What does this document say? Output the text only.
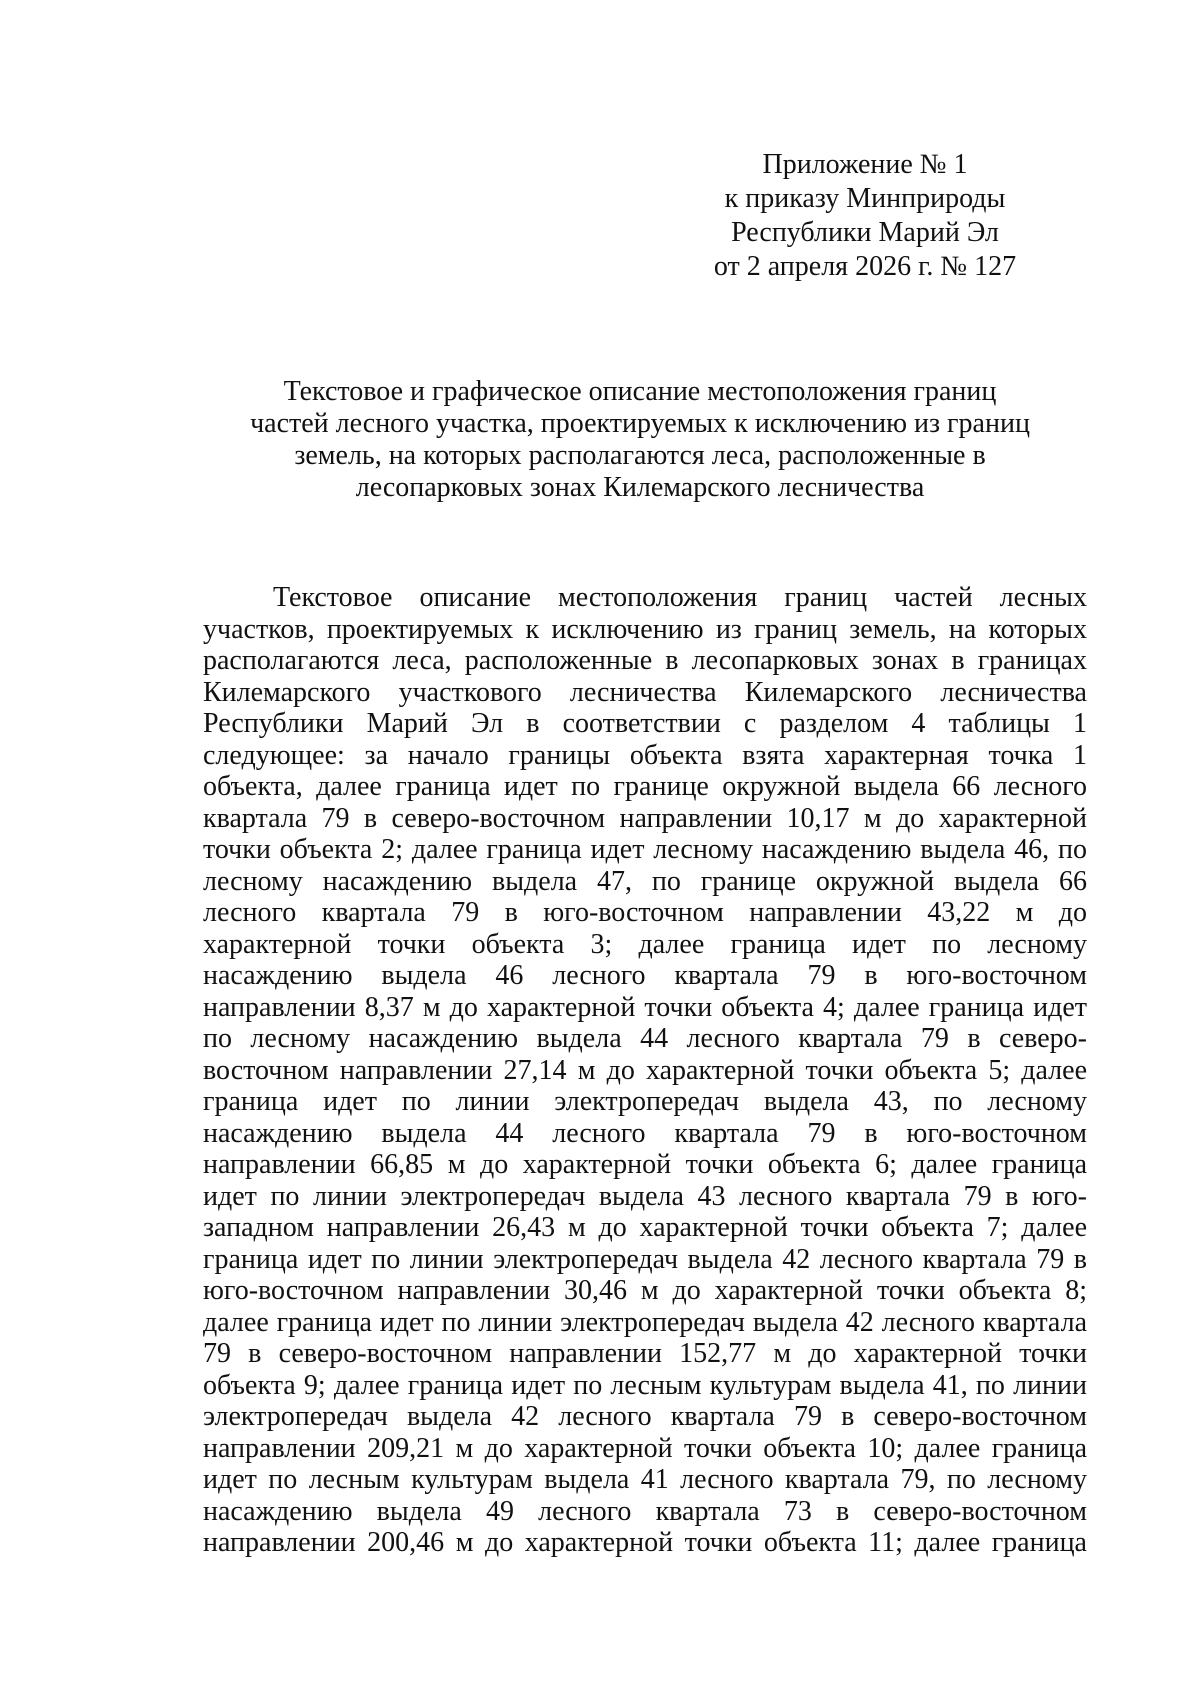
Приложение № 1
к приказу Минприроды
Республики Марий Эл
от 2 апреля 2026 г. № 127
Текстовое и графическое описание местоположения границ
частей лесного участка, проектируемых к исключению из границ
земель, на которых располагаются леса, расположенные в
лесопарковых зонах Килемарского лесничества
Текстовое описание местоположения границ частей лесных
участков, проектируемых к исключению из границ земель, на которых
располагаются леса, расположенные в лесопарковых зонах в границах
Килемарского участкового лесничества Килемарского лесничества
Республики Марий Эл в соответствии с разделом 4 таблицы 1
следующее: за начало границы объекта взята характерная точка 1
объекта, далее граница идет по границе окружной выдела 66 лесного
квартала 79 в северо-восточном направлении 10,17 м до характерной
точки объекта 2; далее граница идет лесному насаждению выдела 46, по
лесному насаждению выдела 47, по границе окружной выдела 66
лесного квартала 79 в юго-восточном направлении 43,22 м до
характерной точки объекта 3; далее граница идет по лесному
насаждению выдела 46 лесного квартала 79 в юго-восточном
направлении 8,37 м до характерной точки объекта 4; далее граница идет
по лесному насаждению выдела 44 лесного квартала 79 в северо-
восточном направлении 27,14 м до характерной точки объекта 5; далее
граница идет по линии электропередач выдела 43, по лесному
насаждению выдела 44 лесного квартала 79 в юго-восточном
направлении 66,85 м до характерной точки объекта 6; далее граница
идет по линии электропередач выдела 43 лесного квартала 79 в юго-
западном направлении 26,43 м до характерной точки объекта 7; далее
граница идет по линии электропередач выдела 42 лесного квартала 79 в
юго-восточном направлении 30,46 м до характерной точки объекта 8;
далее граница идет по линии электропередач выдела 42 лесного квартала
79 в северо-восточном направлении 152,77 м до характерной точки
объекта 9; далее граница идет по лесным культурам выдела 41, по линии
электропередач выдела 42 лесного квартала 79 в северо-восточном
направлении 209,21 м до характерной точки объекта 10; далее граница
идет по лесным культурам выдела 41 лесного квартала 79, по лесному
насаждению выдела 49 лесного квартала 73 в северо-восточном
направлении 200,46 м до характерной точки объекта 11; далее граница
